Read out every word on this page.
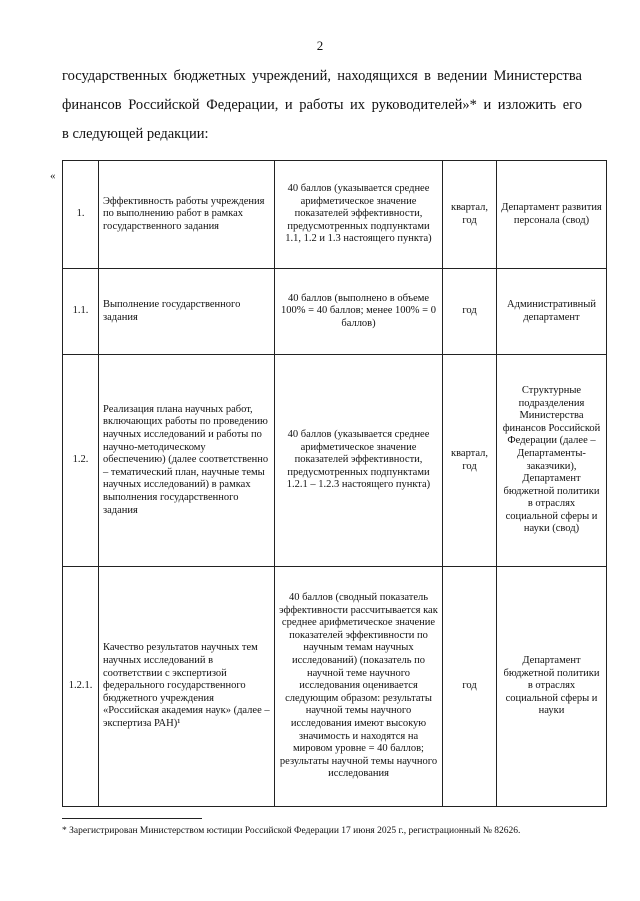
2
государственных бюджетных учреждений, находящихся в ведении Министерства
финансов Российской Федерации, и работы их руководителей»* и изложить его
в следующей редакции:
«
1.	Эффективность работы учреждения по выполнению работ в рамках государственного задания	40 баллов (указывается среднее арифметическое значение показателей эффективности, предусмотренных подпунктами 1.1, 1.2 и 1.3 настоящего пункта)	квартал, год	Департамент развития персонала (свод)
1.1.	Выполнение государственного задания	40 баллов (выполнено в объеме 100% = 40 баллов; менее 100% = 0 баллов)	год	Административный департамент
1.2.	Реализация плана научных работ, включающих работы по проведению научных исследований и работы по научно-методическому обеспечению) (далее соответственно – тематический план, научные темы научных исследований) в рамках выполнения государственного задания	40 баллов (указывается среднее арифметическое значение показателей эффективности, предусмотренных подпунктами 1.2.1 – 1.2.3 настоящего пункта)	квартал, год	Структурные подразделения Министерства финансов Российской Федерации (далее – Департаменты-заказчики), Департамент бюджетной политики в отраслях социальной сферы и науки (свод)
1.2.1.	Качество результатов научных тем научных исследований в соответствии с экспертизой федерального государственного бюджетного учреждения «Российская академия наук» (далее – экспертиза РАН)¹	40 баллов (сводный показатель эффективности рассчитывается как среднее арифметическое значение показателей эффективности по научным темам научных исследований) (показатель по научной теме научного исследования оценивается следующим образом: результаты научной темы научного исследования имеют высокую значимость и находятся на мировом уровне = 40 баллов; результаты научной темы научного исследования	год	Департамент бюджетной политики в отраслях социальной сферы и науки
* Зарегистрирован Министерством юстиции Российской Федерации 17 июня 2025 г., регистрационный № 82626.
